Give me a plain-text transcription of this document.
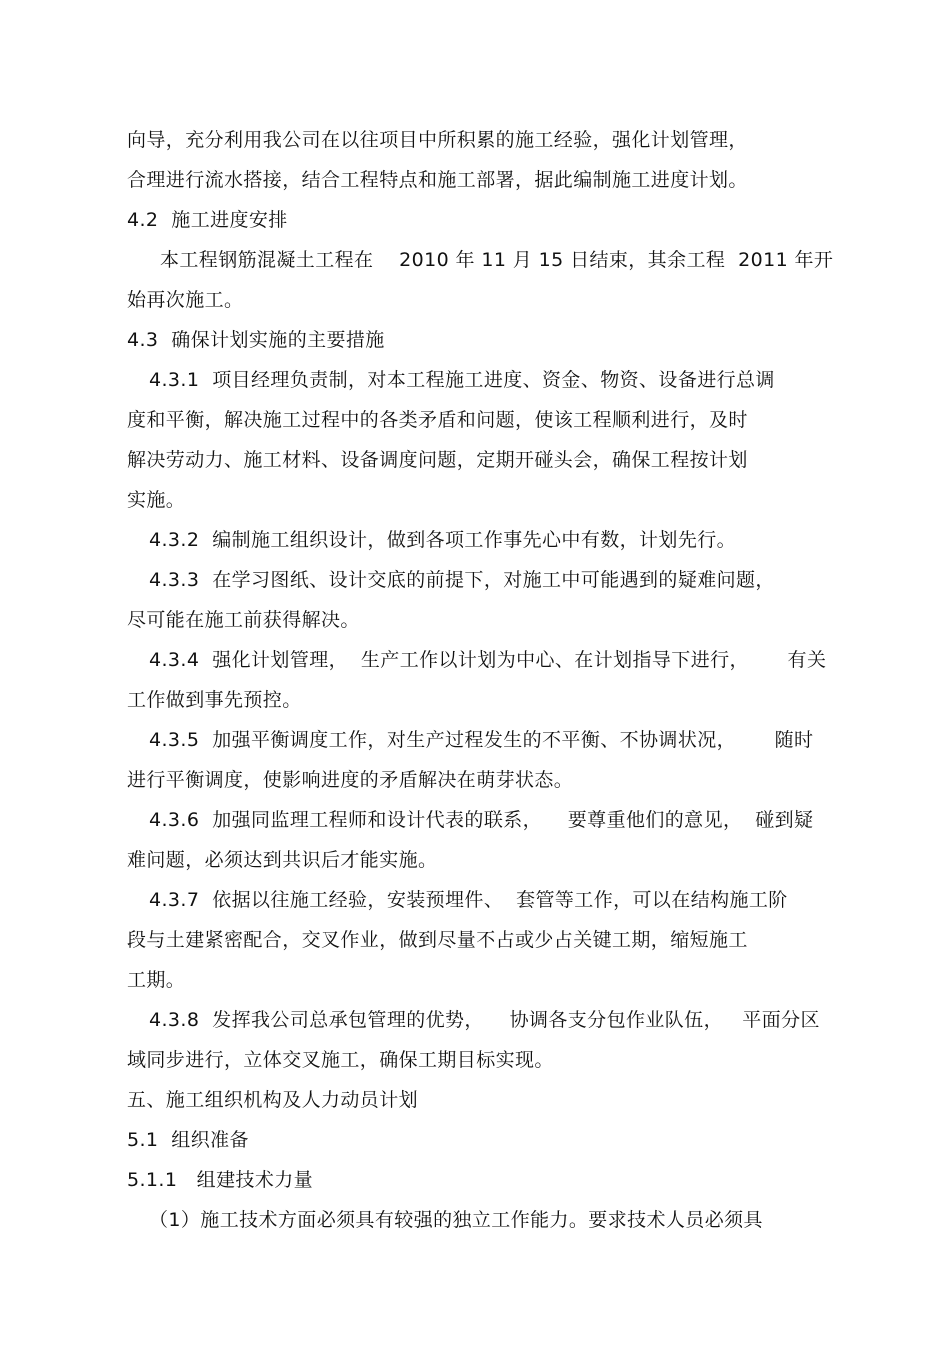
向导，充分利用我公司在以往项目中所积累的施工经验，强化计划管理，
合理进行流水搭接，结合工程特点和施工部署，据此编制施工进度计划。
4.2  施工进度安排
本工程钢筋混凝土工程在    2010 年 11 月 15 日结束，其余工程  2011 年开
始再次施工。
4.3  确保计划实施的主要措施
4.3.1  项目经理负责制，对本工程施工进度、资金、物资、设备进行总调
度和平衡，解决施工过程中的各类矛盾和问题，使该工程顺利进行，及时
解决劳动力、施工材料、设备调度问题，定期开碰头会，确保工程按计划
实施。
4.3.2  编制施工组织设计，做到各项工作事先心中有数，计划先行。
4.3.3  在学习图纸、设计交底的前提下，对施工中可能遇到的疑难问题，
尽可能在施工前获得解决。
4.3.4  强化计划管理，  生产工作以计划为中心、在计划指导下进行，      有关
工作做到事先预控。
4.3.5  加强平衡调度工作，对生产过程发生的不平衡、不协调状况，      随时
进行平衡调度，使影响进度的矛盾解决在萌芽状态。
4.3.6  加强同监理工程师和设计代表的联系，    要尊重他们的意见，  碰到疑
难问题，必须达到共识后才能实施。
4.3.7  依据以往施工经验，安装预埋件、  套管等工作，可以在结构施工阶
段与土建紧密配合，交叉作业，做到尽量不占或少占关键工期，缩短施工
工期。
4.3.8  发挥我公司总承包管理的优势，    协调各支分包作业队伍，   平面分区
域同步进行，立体交叉施工，确保工期目标实现。
五、施工组织机构及人力动员计划
5.1  组织准备
5.1.1   组建技术力量
（1）施工技术方面必须具有较强的独立工作能力。要求技术人员必须具
